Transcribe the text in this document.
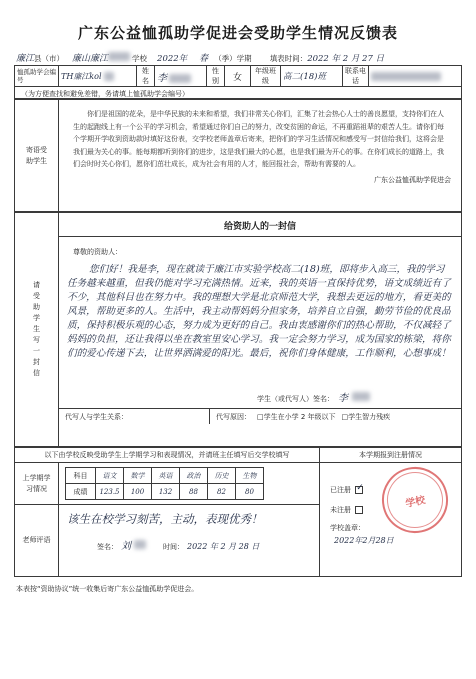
广东公益恤孤助学促进会受助学生情况反馈表
廉江 县（市） 廉山廉江	学校 2022年 春 （季）学期 填表时间： 2022 年 2 月 27 日
恤孤助学会编号	TH廉江kol	姓名	李	性别	女	年级班级	高二(18)班	联系电话	
（为方便查找和避免差错，务请填上恤孤助学会编号）
寄语受助学生	
你们是祖国的花朵，是中华民族的未来和希望，我们非常关心你们，汇集了社会热心人士的善良愿望，支持你们在人生的起跑线上有一个公平的学习机会，希望通过你们自己的努力，改变贫困的命运，不再重蹈祖辈的艰苦人生。请你们每个学期开学收到资助款时填好这份表，交学校老师盖章后寄来，把你们的学习生活情况和感受写一封信给我们，这将会是我们最为关心的事。能每期都听到你们的进步，这是我们最大的心愿，也是我们最为开心的事。在你们成长的道路上，我们会时时关心你们，愿你们茁壮成长，成为社会有用的人才，能回报社会，帮助有需要的人。
广东公益恤孤助学促进会
请受助学生写一封信	
给资助人的一封信
尊敬的资助人：
您们好！我是李，现在就读于廉江市实验学校高二(18)班，即将步入高三，我的学习任务越来越重，但我仍能对学习充满热情。近来，我的英语一直保持优势，语文成绩近有了不少，其他科目也在努力中。我的理想大学是北京师范大学，我想去更远的地方，看更美的风景，帮助更多的人。生活中，我主动帮妈妈分担家务，培养自立自强，勤劳节俭的优良品质，保持积极乐观的心态，努力成为更好的自己。我由衷感谢你们的热心帮助，不仅减轻了妈妈的负担，还让我得以坐在教室里安心学习。我一定会努力学习，成为国家的栋梁，将你们的爱心传递下去，让世界洒满爱的阳光。最后，祝你们身体健康，工作顺利，心想事成！
学生（或代写人）签名： 李
代写人与学生关系：	代写原因： □学生在小学 2 年级以下 □学生智力残疾
以下由学校反映受助学生上学期学习和表现情况，并请班主任填写后交学校填写	本学期报到注册情况
上学期学习情况	
科目	语文	数学	英语	政治	历史	生物
成绩	123.5	100	132	88	82	80
		已注册 ✓
未注册
学校盖章：
2022年2月28日
学校

老师评语	
该生在校学习刻苦，主动，表现优秀！
签名： 刘	时间： 2022 年 2 月 28 日
本表按“资助协议”统一收集后寄广东公益恤孤助学促进会。
